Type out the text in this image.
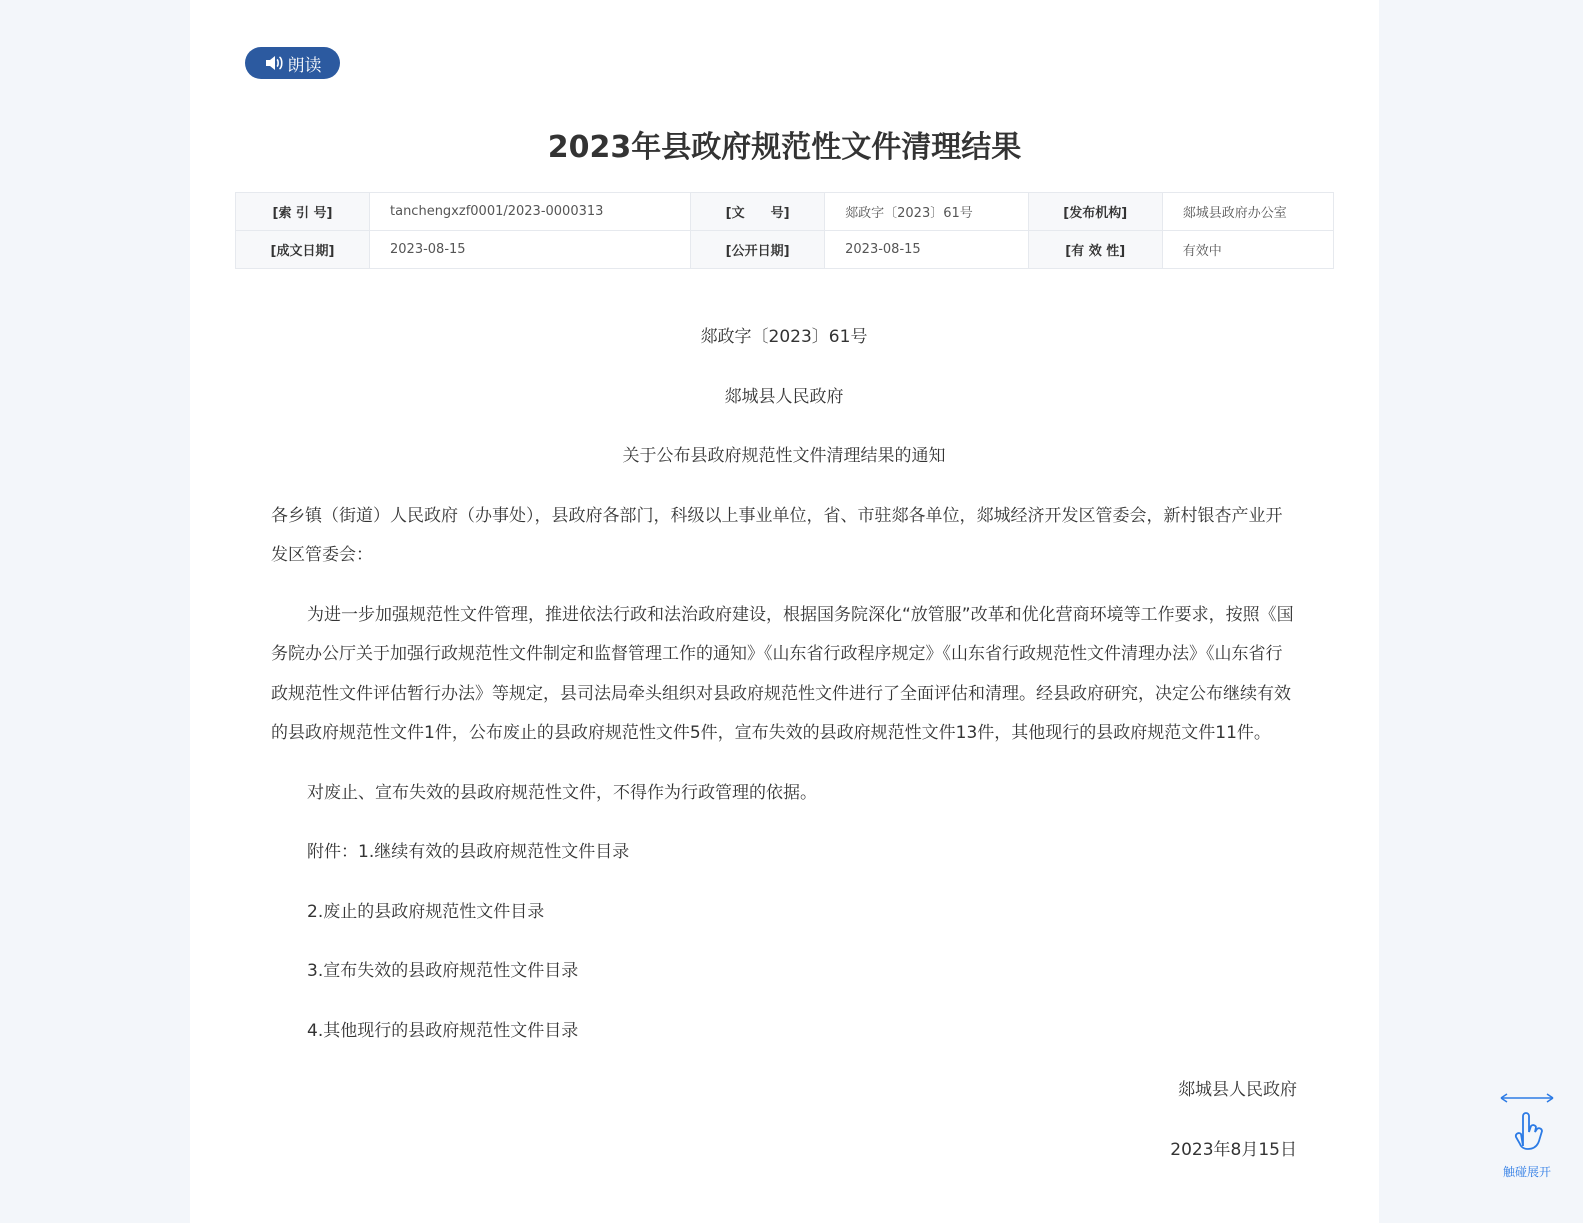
朗读
2023年县政府规范性文件清理结果
[索 引 号]	tanchengxzf0001/2023-0000313	[文　　号]	郯政字〔2023〕61号	[发布机构]	郯城县政府办公室
[成文日期]	2023-08-15	[公开日期]	2023-08-15	[有 效 性]	有效中

郯政字〔2023〕61号

郯城县人民政府

关于公布县政府规范性文件清理结果的通知

各乡镇（街道）人民政府（办事处），县政府各部门，科级以上事业单位，省、市驻郯各单位，郯城经济开发区管委会，新村银杏产业开发区管委会：

为进一步加强规范性文件管理，推进依法行政和法治政府建设，根据国务院深化“放管服”改革和优化营商环境等工作要求，按照《国务院办公厅关于加强行政规范性文件制定和监督管理工作的通知》《山东省行政程序规定》《山东省行政规范性文件清理办法》《山东省行政规范性文件评估暂行办法》等规定，县司法局牵头组织对县政府规范性文件进行了全面评估和清理。经县政府研究，决定公布继续有效的县政府规范性文件1件，公布废止的县政府规范性文件5件，宣布失效的县政府规范性文件13件，其他现行的县政府规范文件11件。

对废止、宣布失效的县政府规范性文件，不得作为行政管理的依据。

附件：1.继续有效的县政府规范性文件目录

2.废止的县政府规范性文件目录

3.宣布失效的县政府规范性文件目录

4.其他现行的县政府规范性文件目录

郯城县人民政府

2023年8月15日

触碰展开
